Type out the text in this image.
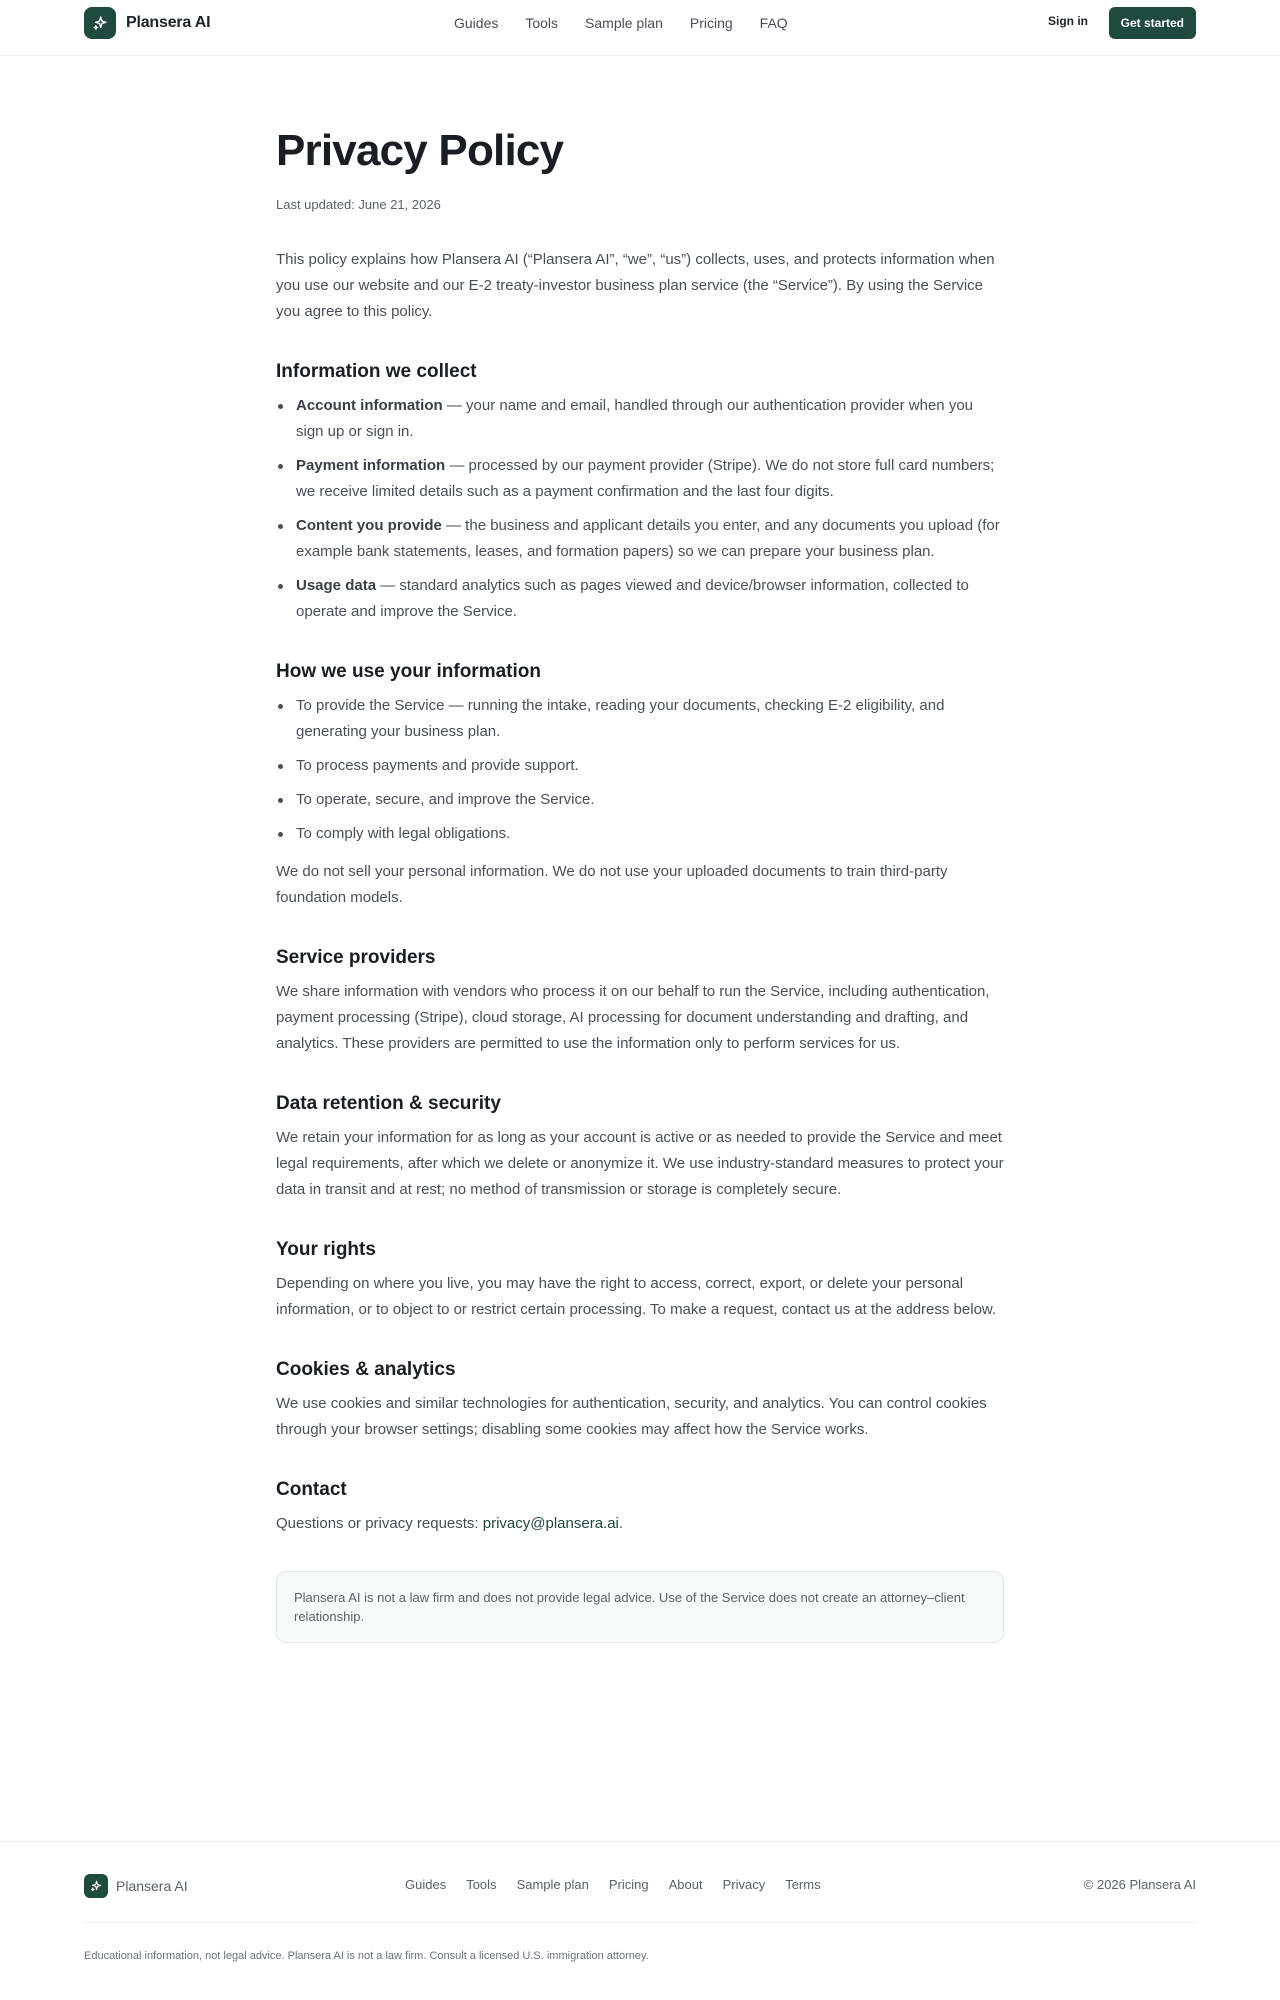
Plansera AI	Guides Tools Sample plan Pricing FAQ	Sign in	Get started
Privacy Policy
Last updated: June 21, 2026

This policy explains how Plansera AI (“Plansera AI”, “we”, “us”) collects, uses, and protects information when you use our website and our E-2 treaty-investor business plan service (the “Service”). By using the Service you agree to this policy.

Information we collect
Account information — your name and email, handled through our authentication provider when you sign up or sign in.
Payment information — processed by our payment provider (Stripe). We do not store full card numbers; we receive limited details such as a payment confirmation and the last four digits.
Content you provide — the business and applicant details you enter, and any documents you upload (for example bank statements, leases, and formation papers) so we can prepare your business plan.
Usage data — standard analytics such as pages viewed and device/browser information, collected to operate and improve the Service.
How we use your information
To provide the Service — running the intake, reading your documents, checking E-2 eligibility, and generating your business plan.
To process payments and provide support.
To operate, secure, and improve the Service.
To comply with legal obligations.

We do not sell your personal information. We do not use your uploaded documents to train third-party foundation models.

Service providers

We share information with vendors who process it on our behalf to run the Service, including authentication, payment processing (Stripe), cloud storage, AI processing for document understanding and drafting, and analytics. These providers are permitted to use the information only to perform services for us.

Data retention & security

We retain your information for as long as your account is active or as needed to provide the Service and meet legal requirements, after which we delete or anonymize it. We use industry-standard measures to protect your data in transit and at rest; no method of transmission or storage is completely secure.

Your rights

Depending on where you live, you may have the right to access, correct, export, or delete your personal information, or to object to or restrict certain processing. To make a request, contact us at the address below.

Cookies & analytics

We use cookies and similar technologies for authentication, security, and analytics. You can control cookies through your browser settings; disabling some cookies may affect how the Service works.

Contact

Questions or privacy requests: privacy@plansera.ai.

Plansera AI is not a law firm and does not provide legal advice. Use of the Service does not create an attorney–client relationship.

Plansera AI	Guides Tools Sample plan Pricing About Privacy Terms	© 2026 Plansera AI
Educational information, not legal advice. Plansera AI is not a law firm. Consult a licensed U.S. immigration attorney.
